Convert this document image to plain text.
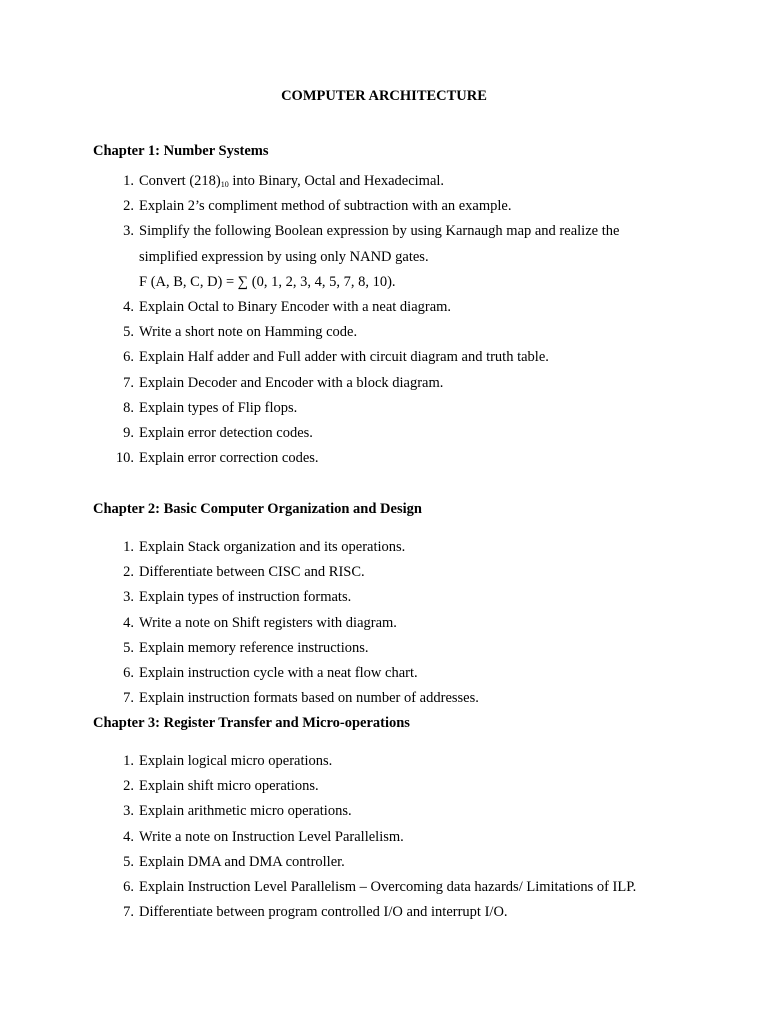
COMPUTER ARCHITECTURE

Chapter 1: Number Systems

1. Convert $(218)_{10}$ into Binary, Octal and Hexadecimal.
2. Explain 2’s compliment method of subtraction with an example.
3. Simplify the following Boolean expression by using Karnaugh map and realize the
simplified expression by using only NAND gates.
F (A, B, C, D) = ∑ (0, 1, 2, 3, 4, 5, 7, 8, 10).
4. Explain Octal to Binary Encoder with a neat diagram.
5. Write a short note on Hamming code.
6. Explain Half adder and Full adder with circuit diagram and truth table.
7. Explain Decoder and Encoder with a block diagram.
8. Explain types of Flip flops.
9. Explain error detection codes.
10. Explain error correction codes.

Chapter 2: Basic Computer Organization and Design

1. Explain Stack organization and its operations.
2. Differentiate between CISC and RISC.
3. Explain types of instruction formats.
4. Write a note on Shift registers with diagram.
5. Explain memory reference instructions.
6. Explain instruction cycle with a neat flow chart.
7. Explain instruction formats based on number of addresses.

Chapter 3: Register Transfer and Micro-operations

1. Explain logical micro operations.
2. Explain shift micro operations.
3. Explain arithmetic micro operations.
4. Write a note on Instruction Level Parallelism.
5. Explain DMA and DMA controller.
6. Explain Instruction Level Parallelism – Overcoming data hazards/ Limitations of ILP.
7. Differentiate between program controlled I/O and interrupt I/O.
